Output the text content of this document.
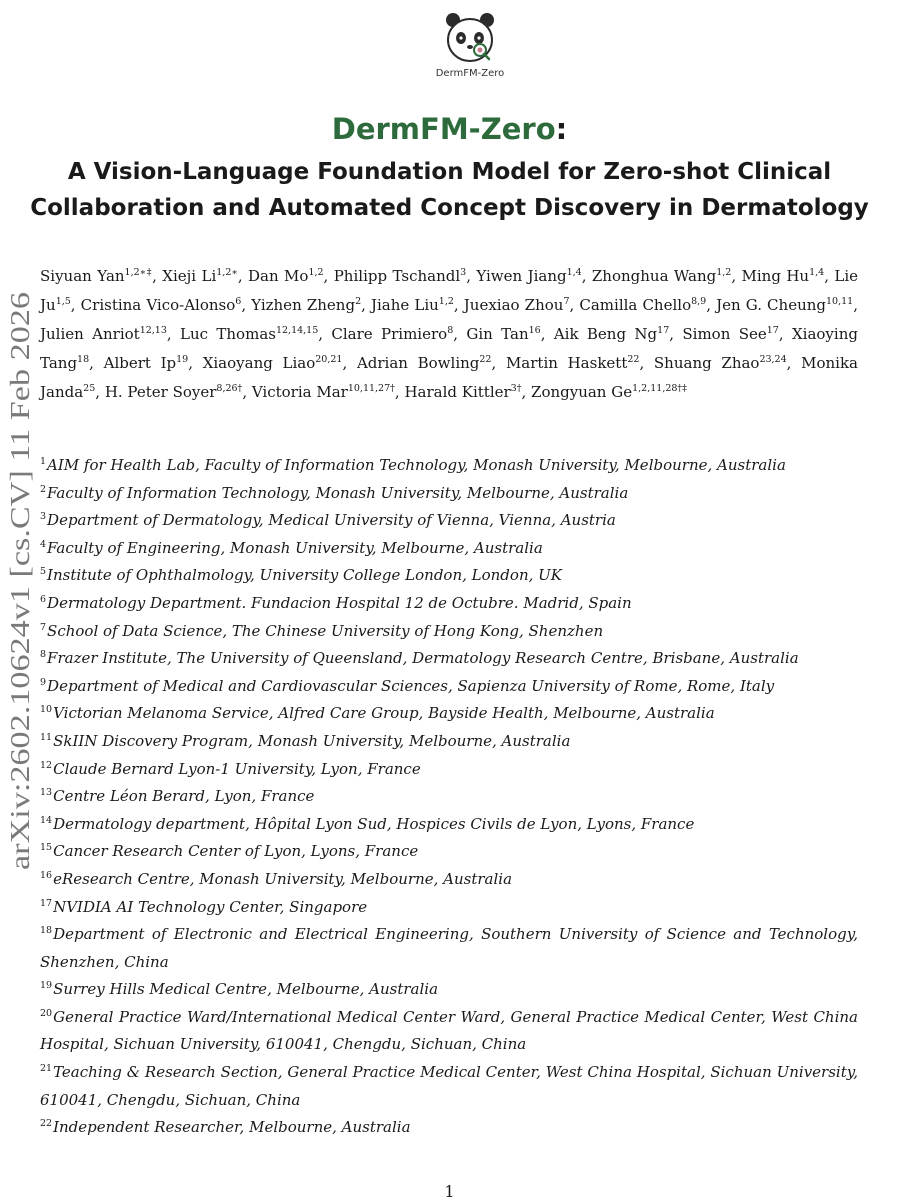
arXiv:2602.10624v1 [cs.CV] 11 Feb 2026
DermFM-Zero
DermFM-Zero:
A Vision-Language Foundation Model for Zero-shot Clinical
Collaboration and Automated Concept Discovery in Dermatology
Siyuan Yan$^{1,2∗\ddagger}$, Xieji $Li^{1,2∗}$, Dan Mo$^{1,2}$, Philipp Tschandl$^3$, Yiwen Jiang$^{1,4}$, Zhonghua Wang$^{1,2}$, Ming Hu$^{1,4}$, Lie Ju$^{1,5}$, Cristina Vico-Alonso$^6$, Yizhen Zheng$^2$, Jiahe Liu$^{1,2}$, Juexiao Zhou$^7$, Camilla Chello$^{8,9}$, Jen G. Cheung$^{10,11}$, Julien Anriot$^{12,13}$, Luc Thomas$^{12,14,15}$, Clare Primiero$^8$, Gin Tan$^{16}$, Aik Beng Ng$^{17}$, Simon See$^{17}$, Xiaoying Tang$^{18}$, Albert Ip$^{19}$, Xiaoyang Liao$^{20,21}$, Adrian Bowling$^{22}$, Martin Haskett$^{22}$, Shuang Zhao$^{23,24}$, Monika Janda$^{25}$, H. Peter Soyer$^{8,26\dagger}$, Victoria Mar$^{10,11,27\dagger}$, Harald Kittler$^{3\dagger}$, Zongyuan $Ge^{1,2,11,28\dagger\ddagger}$
$^1$AIM for Health Lab, Faculty of Information Technology, Monash University, Melbourne, Australia
$^2$Faculty of Information Technology, Monash University, Melbourne, Australia
$^3$Department of Dermatology, Medical University of Vienna, Vienna, Austria
$^4$Faculty of Engineering, Monash University, Melbourne, Australia
$^5$Institute of Ophthalmology, University College London, London, UK
$^6$Dermatology Department. Fundacion Hospital 12 de Octubre. Madrid, Spain
$^7$School of Data Science, The Chinese University of Hong Kong, Shenzhen
$^8$Frazer Institute, The University of Queensland, Dermatology Research Centre, Brisbane, Australia
$^9$Department of Medical and Cardiovascular Sciences, Sapienza University of Rome, Rome, Italy
$^{10}$Victorian Melanoma Service, Alfred Care Group, Bayside Health, Melbourne, Australia
$^{11}$SkIIN Discovery Program, Monash University, Melbourne, Australia
$^{12}$Claude Bernard Lyon-1 University, Lyon, France
$^{13}$Centre Léon Berard, Lyon, France
$^{14}$Dermatology department, Hôpital Lyon Sud, Hospices Civils de Lyon, Lyons, France
$^{15}$Cancer Research Center of Lyon, Lyons, France
$^{16}$eResearch Centre, Monash University, Melbourne, Australia
$^{17}$NVIDIA AI Technology Center, Singapore
$^{18}$Department of Electronic and Electrical Engineering, Southern University of Science and Technology, Shenzhen, China
$^{19}$Surrey Hills Medical Centre, Melbourne, Australia
$^{20}$General Practice Ward/International Medical Center Ward, General Practice Medical Center, West China Hospital, Sichuan University, 610041, Chengdu, Sichuan, China
$^{21}$Teaching & Research Section, General Practice Medical Center, West China Hospital, Sichuan University, 610041, Chengdu, Sichuan, China
$^{22}$Independent Researcher, Melbourne, Australia
1
